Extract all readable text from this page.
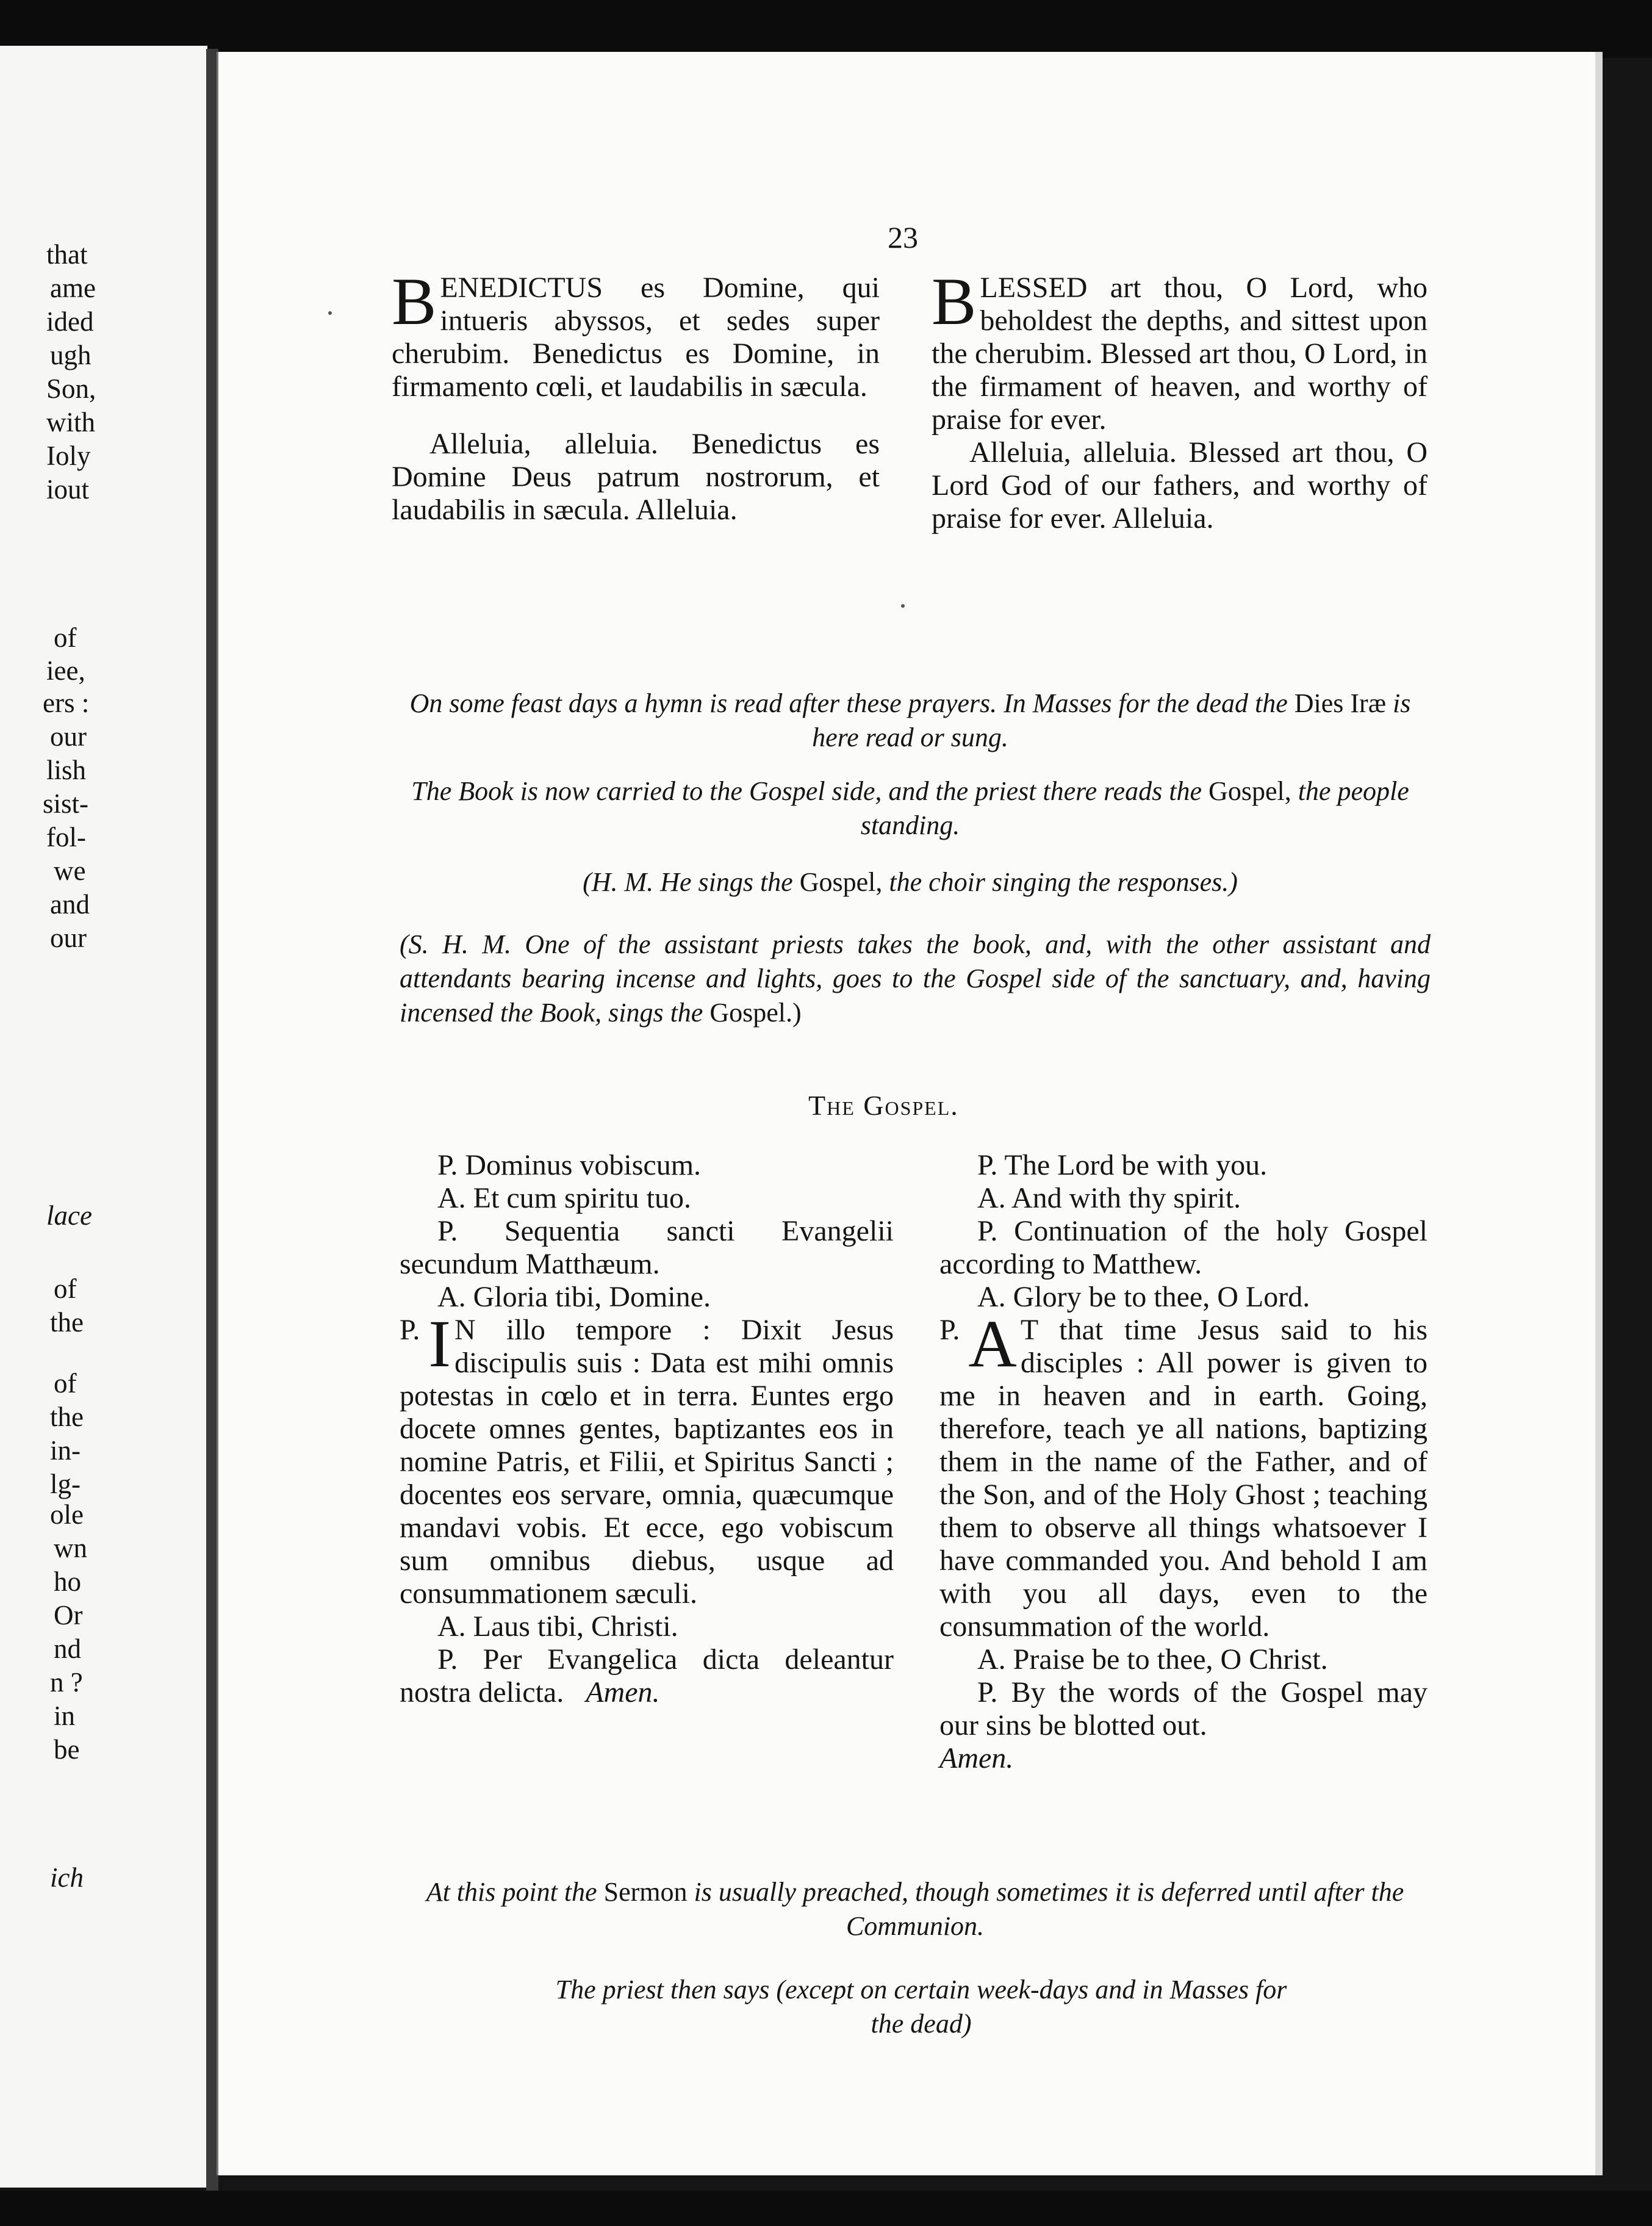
that
ame
ided
ugh
Son,
with
Ioly
iout
of
iee,
ers :
our
lish
sist-
fol-
we
and
our
lace
of
the
of
the
in-
lg-
ole
wn
ho
Or
nd
n ?
in
be
ich
ʃ
23

BENEDICTUS es Domine, qui intueris abyssos, et sedes super cherubim. Benedictus es Domine, in firmamento cœli, et laudabilis in sæcula.

Alleluia, alleluia. Benedictus es Domine Deus patrum nostrorum, et laudabilis in sæcula. Alleluia.

BLESSED art thou, O Lord, who beholdest the depths, and sittest upon the cherubim. Blessed art thou, O Lord, in the firmament of heaven, and worthy of praise for ever.

Alleluia, alleluia. Blessed art thou, O Lord God of our fathers, and worthy of praise for ever. Alleluia.

On some feast days a hymn is read after these prayers. In Masses for the dead the Dies Iræ is here read or sung.
The Book is now carried to the Gospel side, and the priest there reads the Gospel, the people standing.
(H. M. He sings the Gospel, the choir singing the responses.)
(S. H. M. One of the assistant priests takes the book, and, with the other assistant and attendants bearing incense and lights, goes to the Gospel side of the sanctuary, and, having incensed the Book, sings the Gospel.)
The Gospel.

P. Dominus vobiscum.

A. Et cum spiritu tuo.

P. Sequentia sancti Evangelii secundum Matthæum.

A. Gloria tibi, Domine.

P. I N illo tempore : Dixit Jesus discipulis suis : Data est mihi omnis potestas in cœlo et in terra. Euntes ergo docete omnes gentes, baptizantes eos in nomine Patris, et Filii, et Spiritus Sancti ; docentes eos servare, omnia, quæcumque mandavi vobis. Et ecce, ego vobiscum sum omnibus diebus, usque ad consummationem sæculi.

A. Laus tibi, Christi.

P. Per Evangelica dicta deleantur nostra delicta. Amen.

P. The Lord be with you.

A. And with thy spirit.

P. Continuation of the holy Gospel according to Matthew.

A. Glory be to thee, O Lord.

P. A T that time Jesus said to his disciples : All power is given to me in heaven and in earth. Going, therefore, teach ye all nations, baptizing them in the name of the Father, and of the Son, and of the Holy Ghost ; teaching them to observe all things whatsoever I have commanded you. And behold I am with you all days, even to the consummation of the world.

A. Praise be to thee, O Christ.

P. By the words of the Gospel may our sins be blotted out.

Amen.

At this point the Sermon is usually preached, though sometimes it is deferred until after the Communion.
The priest then says (except on certain week-days and in Masses for the dead)
